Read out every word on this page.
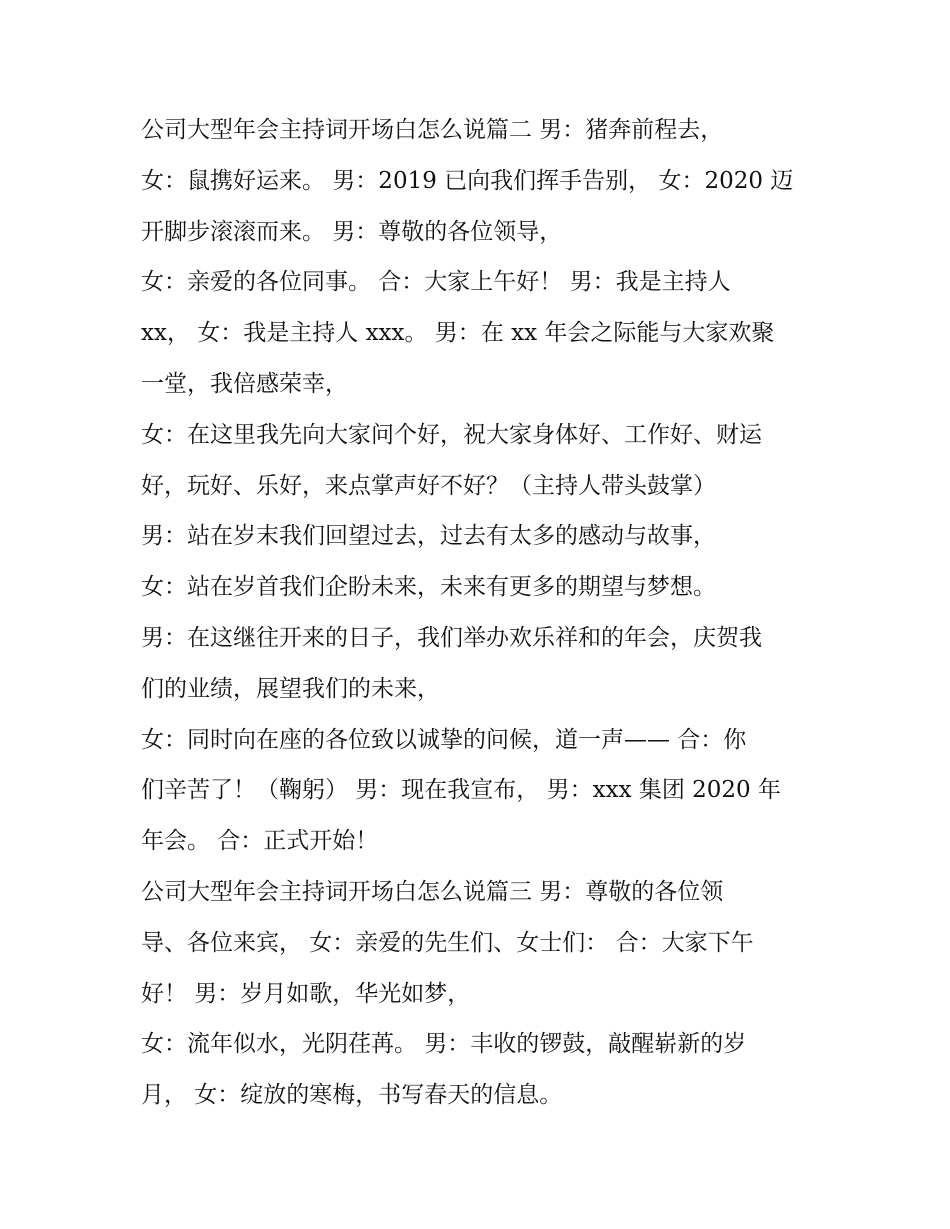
公司大型年会主持词开场白怎么说篇二 男：猪奔前程去，
女：鼠携好运来。 男：2019 已向我们挥手告别， 女：2020 迈
开脚步滚滚而来。 男：尊敬的各位领导，
女：亲爱的各位同事。 合：大家上午好！ 男：我是主持人
xx， 女：我是主持人 xxx。 男：在 xx 年会之际能与大家欢聚
一堂，我倍感荣幸，
女：在这里我先向大家问个好，祝大家身体好、工作好、财运
好，玩好、乐好，来点掌声好不好？（主持人带头鼓掌）
男：站在岁末我们回望过去，过去有太多的感动与故事，
女：站在岁首我们企盼未来，未来有更多的期望与梦想。
男：在这继往开来的日子，我们举办欢乐祥和的年会，庆贺我
们的业绩，展望我们的未来，
女：同时向在座的各位致以诚挚的问候，道一声—— 合：你
们辛苦了！（鞠躬） 男：现在我宣布， 男：xxx 集团 2020 年
年会。 合：正式开始！
公司大型年会主持词开场白怎么说篇三 男：尊敬的各位领
导、各位来宾， 女：亲爱的先生们、女士们： 合：大家下午
好！ 男：岁月如歌，华光如梦，
女：流年似水，光阴荏苒。 男：丰收的锣鼓，敲醒崭新的岁
月， 女：绽放的寒梅，书写春天的信息。
